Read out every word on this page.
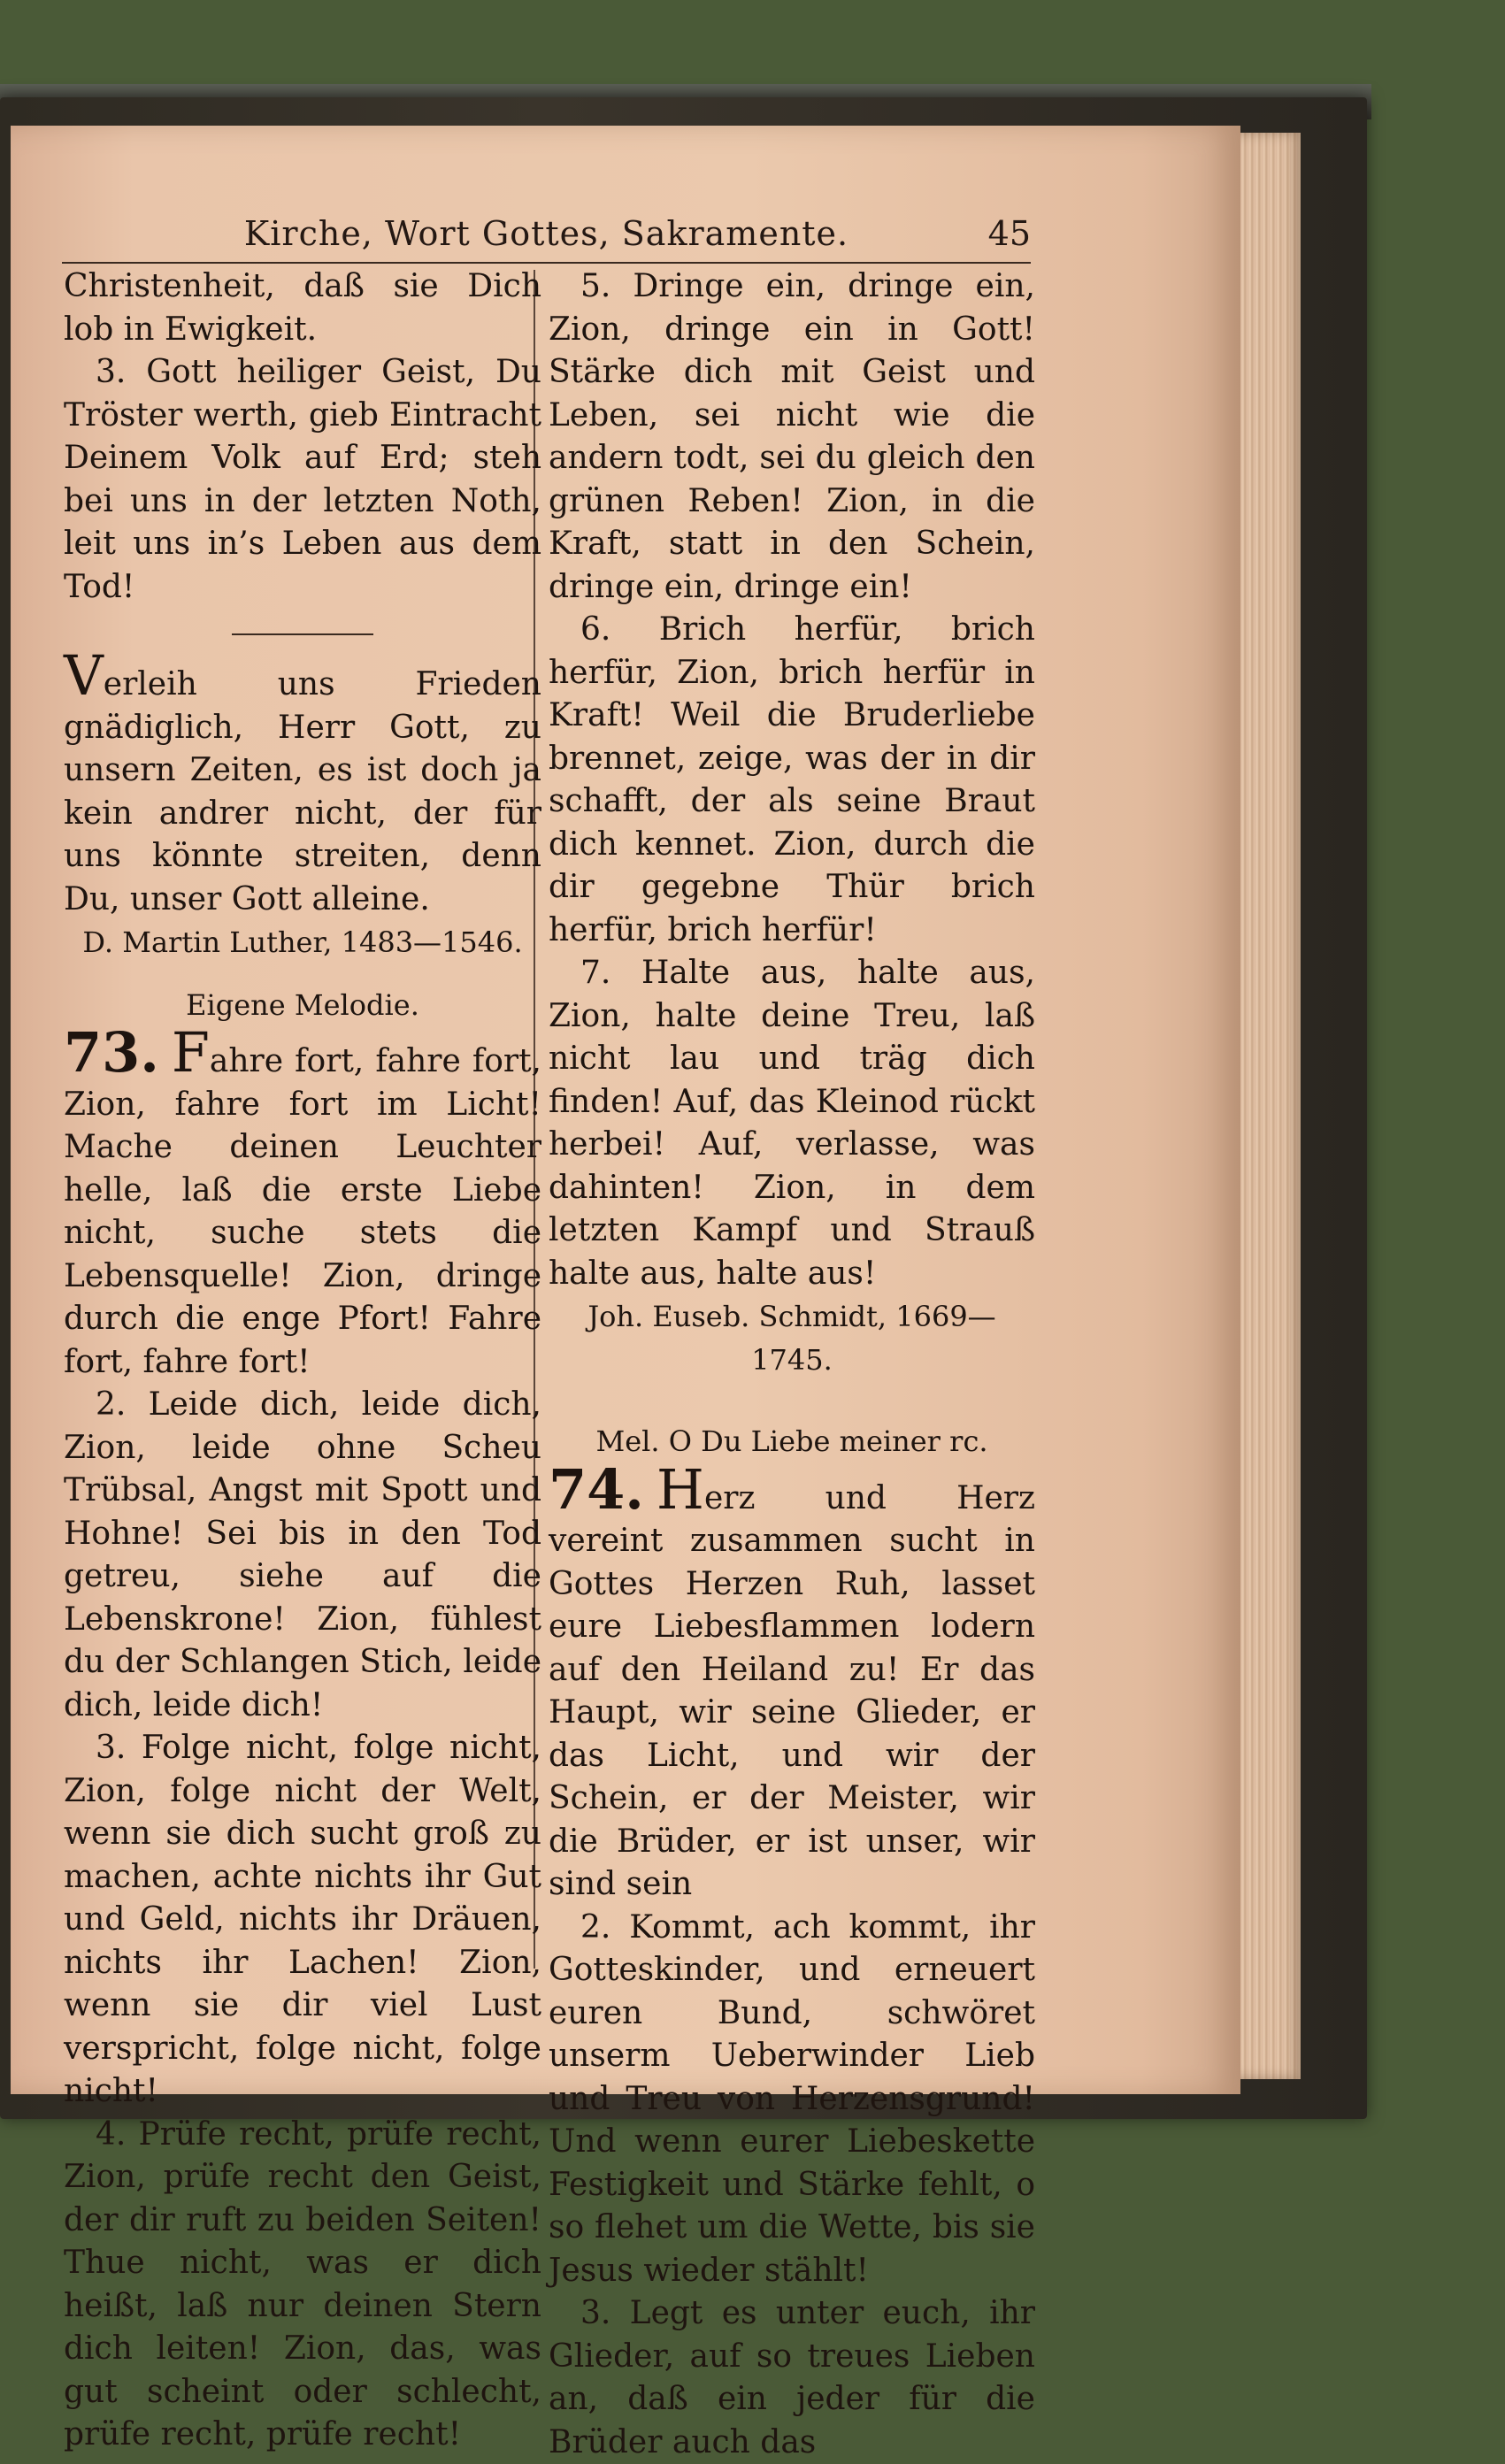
Kirche, Wort Gottes, Sakramente.	45

Christenheit, daß sie Dich lob in Ewigkeit.

3. Gott heiliger Geist, Du Tröster werth, gieb Eintracht Deinem Volk auf Erd; steh bei uns in der letzten Noth, leit uns in’s Leben aus dem Tod!

Verleih uns Frieden gnädiglich, Herr Gott, zu unsern Zeiten, es ist doch ja kein andrer nicht, der für uns könnte streiten, denn Du, unser Gott alleine.

D. Martin Luther, 1483—1546.

Eigene Melodie.

73. Fahre fort, fahre fort, Zion, fahre fort im Licht! Mache deinen Leuchter helle, laß die erste Liebe nicht, suche stets die Lebensquelle! Zion, dringe durch die enge Pfort! Fahre fort, fahre fort!

2. Leide dich, leide dich, Zion, leide ohne Scheu Trübsal, Angst mit Spott und Hohne! Sei bis in den Tod getreu, siehe auf die Lebenskrone! Zion, fühlest du der Schlangen Stich, leide dich, leide dich!

3. Folge nicht, folge nicht, Zion, folge nicht der Welt, wenn sie dich sucht groß zu machen, achte nichts ihr Gut und Geld, nichts ihr Dräuen, nichts ihr Lachen! Zion, wenn sie dir viel Lust verspricht, folge nicht, folge nicht!

4. Prüfe recht, prüfe recht, Zion, prüfe recht den Geist, der dir ruft zu beiden Seiten! Thue nicht, was er dich heißt, laß nur deinen Stern dich leiten! Zion, das, was gut scheint oder schlecht, prüfe recht, prüfe recht!

5. Dringe ein, dringe ein, Zion, dringe ein in Gott! Stärke dich mit Geist und Leben, sei nicht wie die andern todt, sei du gleich den grünen Reben! Zion, in die Kraft, statt in den Schein, dringe ein, dringe ein!

6. Brich herfür, brich herfür, Zion, brich herfür in Kraft! Weil die Bruderliebe brennet, zeige, was der in dir schafft, der als seine Braut dich kennet. Zion, durch die dir gegebne Thür brich herfür, brich herfür!

7. Halte aus, halte aus, Zion, halte deine Treu, laß nicht lau und träg dich finden! Auf, das Kleinod rückt herbei! Auf, verlasse, was dahinten! Zion, in dem letzten Kampf und Strauß halte aus, halte aus!

Joh. Euseb. Schmidt, 1669—1745.

Mel. O Du Liebe meiner rc.

74. Herz und Herz vereint zusammen sucht in Gottes Herzen Ruh, lasset eure Liebesflammen lodern auf den Heiland zu! Er das Haupt, wir seine Glieder, er das Licht, und wir der Schein, er der Meister, wir die Brüder, er ist unser, wir sind sein

2. Kommt, ach kommt, ihr Gotteskinder, und erneuert euren Bund, schwöret unserm Ueberwinder Lieb und Treu von Herzensgrund! Und wenn eurer Liebeskette Festigkeit und Stärke fehlt, o so flehet um die Wette, bis sie Jesus wieder stählt!

3. Legt es unter euch, ihr Glieder, auf so treues Lieben an, daß ein jeder für die Brüder auch das
